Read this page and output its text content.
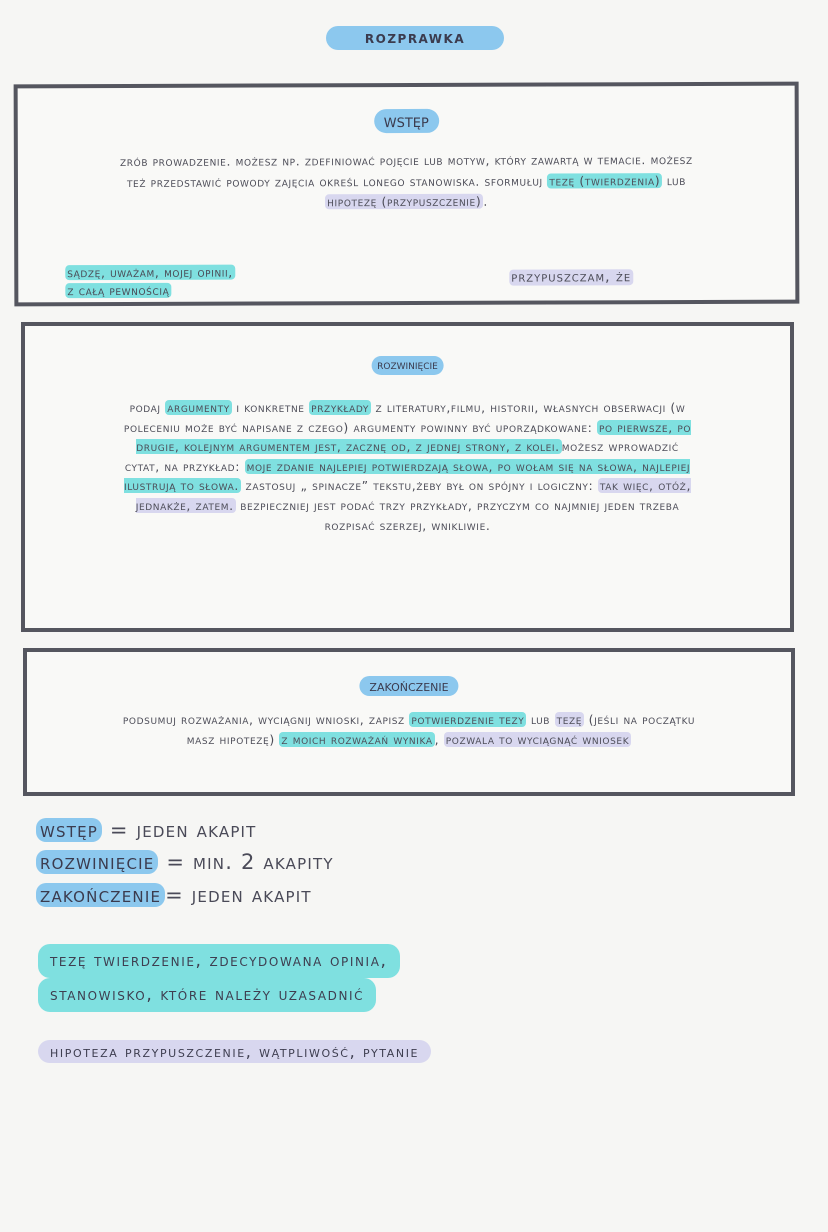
rozprawka
wstęp
zrób prowadzenie. możesz np. zdefiniować pojęcie lub motyw, który zawartą w temacie. możesz też przedstawić powody zajęcia określ lonego stanowiska. sformułuj tezę (twierdzenia) lub hipotezę (przypuszczenie) .
sądzę, uważam, mojej opinii,
z całą pewnością
przypuszczam, że
rozwinięcie
podaj argumenty i konkretne przykłady z literatury,filmu, historii, własnych obserwacji (w poleceniu może być napisane z czego) argumenty powinny być uporządkowane: po pierwsze, po drugie, kolejnym argumentem jest, zacznę od, z jednej strony, z kolei. możesz wprowadzić cytat, na przykład: moje zdanie najlepiej potwierdzają słowa, po wołam się na słowa, najlepiej ilustrują to słowa. zastosuj „ spinacze” tekstu,żeby był on spójny i logiczny: tak więc, otóż, jednakże, zatem. bezpieczniej jest podać trzy przykłady, przyczym co najmniej jeden trzeba rozpisać szerzej, wnikliwie.
zakończenie
podsumuj rozważania, wyciągnij wnioski, zapisz potwierdzenie tezy lub tezę (jeśli na początku masz hipotezę) z moich rozważań wynika , pozwala to wyciągnąć wniosek
wstęp = jeden akapit
rozwinięcie = min. 2 akapity
zakończenie = jeden akapit
tezę twierdzenie, zdecydowana opinia,
stanowisko, które należy uzasadnić
hipoteza przypuszczenie, wątpliwość, pytanie
